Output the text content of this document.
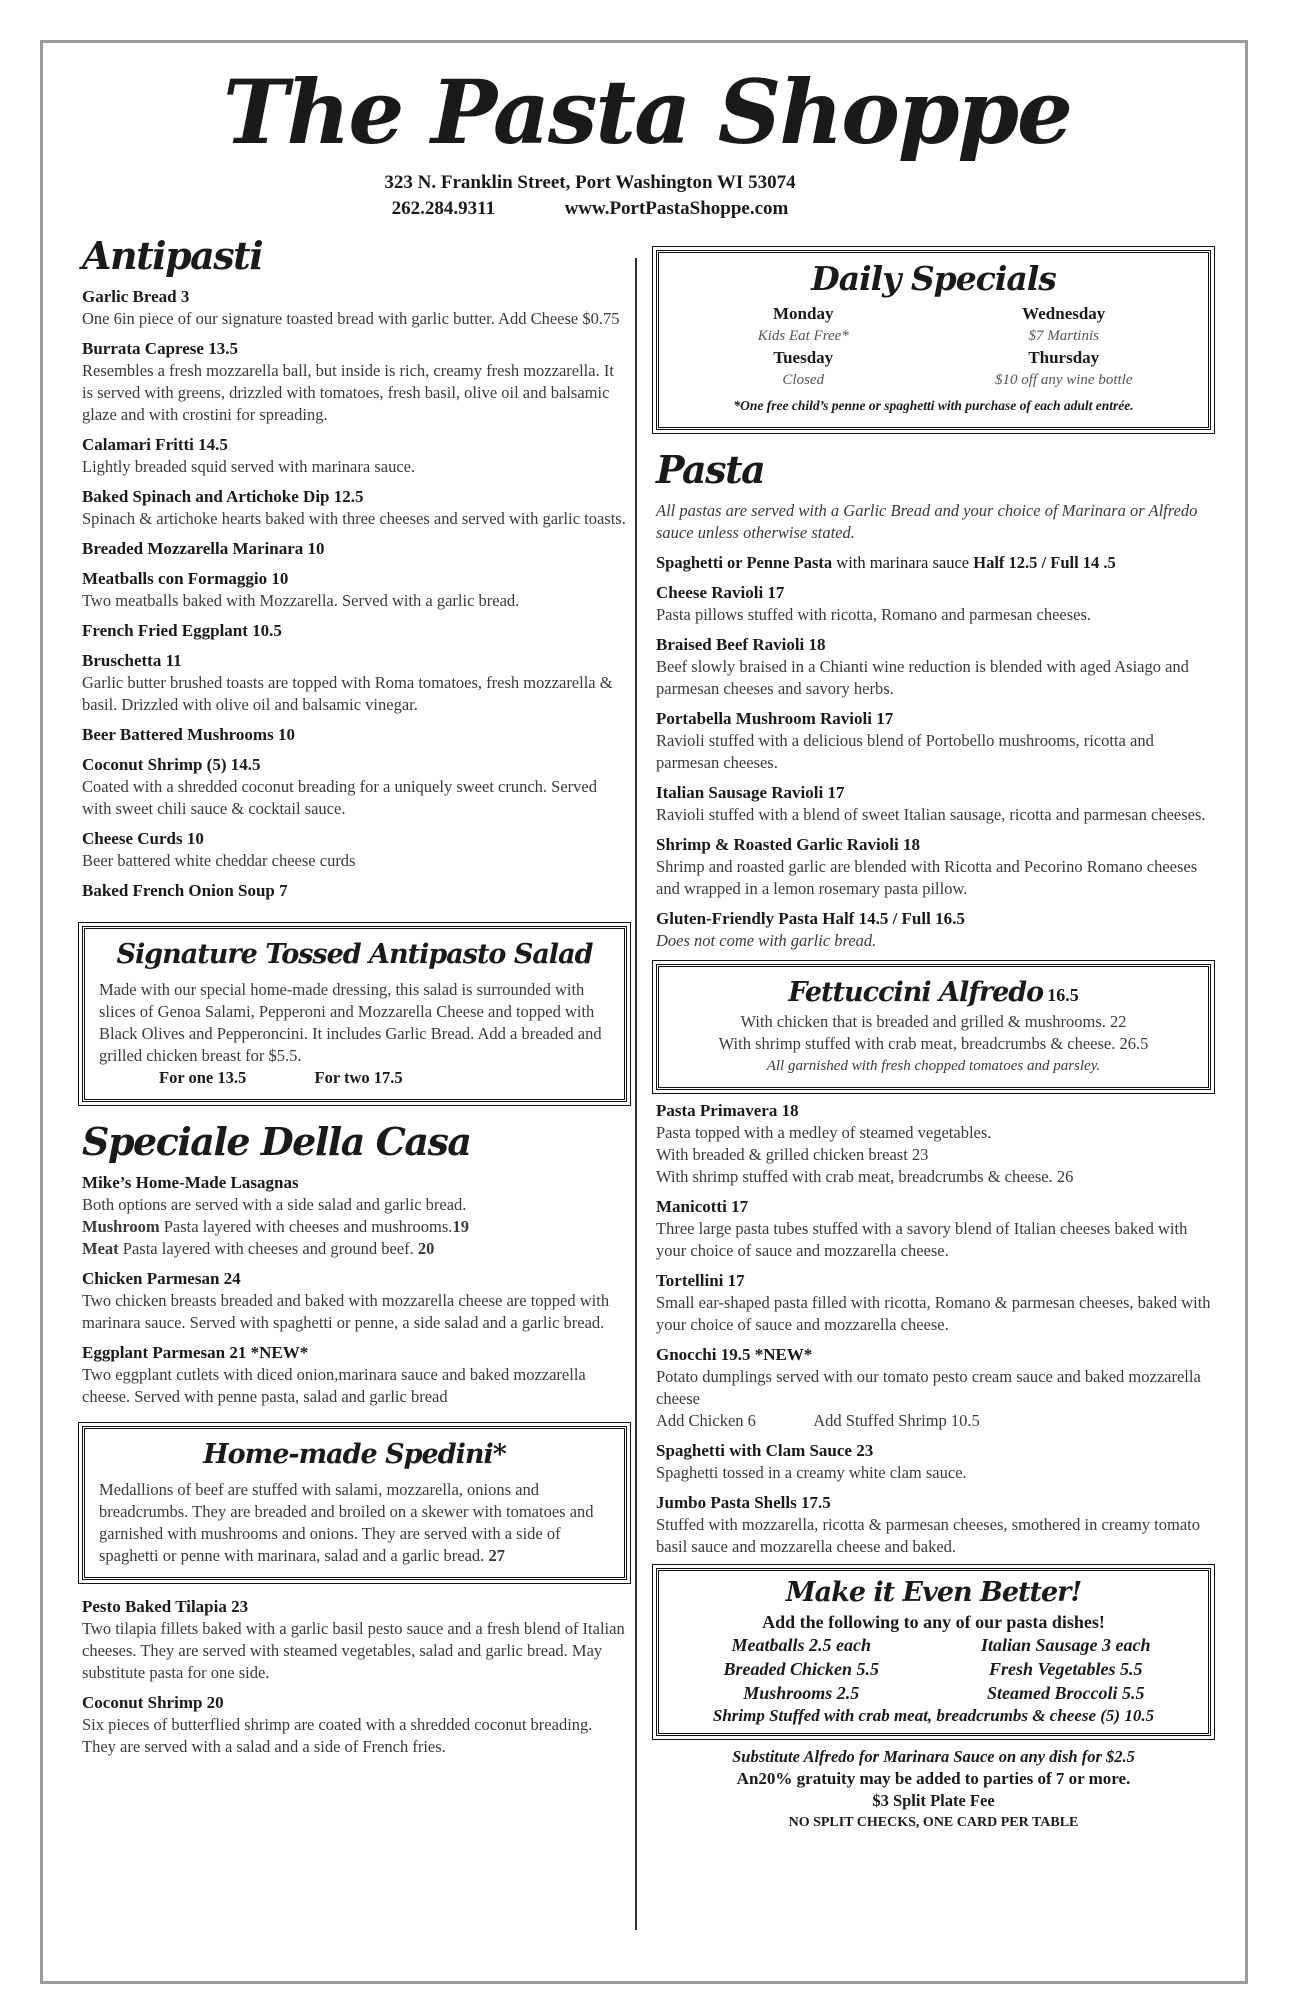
The Pasta Shoppe
323 N. Franklin Street, Port Washington WI 53074
262.284.9311	www.PortPastaShoppe.com
Antipasti
Garlic Bread 3
One 6in piece of our signature toasted bread with garlic butter. Add Cheese $0.75
Burrata Caprese 13.5
Resembles a fresh mozzarella ball, but inside is rich, creamy fresh mozzarella. It is served with greens, drizzled with tomatoes, fresh basil, olive oil and balsamic glaze and with crostini for spreading.
Calamari Fritti 14.5
Lightly breaded squid served with marinara sauce.
Baked Spinach and Artichoke Dip 12.5
Spinach & artichoke hearts baked with three cheeses and served with garlic toasts.
Breaded Mozzarella Marinara 10
Meatballs con Formaggio 10
Two meatballs baked with Mozzarella. Served with a garlic bread.
French Fried Eggplant 10.5
Bruschetta 11
Garlic butter brushed toasts are topped with Roma tomatoes, fresh mozzarella & basil. Drizzled with olive oil and balsamic vinegar.
Beer Battered Mushrooms 10
Coconut Shrimp (5) 14.5
Coated with a shredded coconut breading for a uniquely sweet crunch. Served with sweet chili sauce & cocktail sauce.
Cheese Curds 10
Beer battered white cheddar cheese curds
Baked French Onion Soup 7
Signature Tossed Antipasto Salad
Made with our special home-made dressing, this salad is surrounded with slices of Genoa Salami, Pepperoni and Mozzarella Cheese and topped with Black Olives and Pepperoncini. It includes Garlic Bread. Add a breaded and grilled chicken breast for $5.5.
For one 13.5	For two 17.5
Speciale Della Casa
Mike’s Home-Made Lasagnas
Both options are served with a side salad and garlic bread.
Mushroom Pasta layered with cheeses and mushrooms.19
Meat Pasta layered with cheeses and ground beef. 20
Chicken Parmesan 24
Two chicken breasts breaded and baked with mozzarella cheese are topped with marinara sauce. Served with spaghetti or penne, a side salad and a garlic bread.
Eggplant Parmesan 21 *NEW*
Two eggplant cutlets with diced onion,marinara sauce and baked mozzarella cheese. Served with penne pasta, salad and garlic bread
Home-made Spedini*
Medallions of beef are stuffed with salami, mozzarella, onions and breadcrumbs. They are breaded and broiled on a skewer with tomatoes and garnished with mushrooms and onions. They are served with a side of spaghetti or penne with marinara, salad and a garlic bread. 27
Pesto Baked Tilapia 23
Two tilapia fillets baked with a garlic basil pesto sauce and a fresh blend of Italian cheeses. They are served with steamed vegetables, salad and garlic bread. May substitute pasta for one side.
Coconut Shrimp 20
Six pieces of butterflied shrimp are coated with a shredded coconut breading. They are served with a salad and a side of French fries.
Daily Specials
Monday
Kids Eat Free*
Wednesday
$7 Martinis
Tuesday
Closed
Thursday
$10 off any wine bottle
*One free child’s penne or spaghetti with purchase of each adult entrée.
Pasta
All pastas are served with a Garlic Bread and your choice of Marinara or Alfredo sauce unless otherwise stated.
Spaghetti or Penne Pasta with marinara sauce Half 12.5 / Full 14 .5
Cheese Ravioli 17
Pasta pillows stuffed with ricotta, Romano and parmesan cheeses.
Braised Beef Ravioli 18
Beef slowly braised in a Chianti wine reduction is blended with aged Asiago and parmesan cheeses and savory herbs.
Portabella Mushroom Ravioli 17
Ravioli stuffed with a delicious blend of Portobello mushrooms, ricotta and parmesan cheeses.
Italian Sausage Ravioli 17
Ravioli stuffed with a blend of sweet Italian sausage, ricotta and parmesan cheeses.
Shrimp & Roasted Garlic Ravioli 18
Shrimp and roasted garlic are blended with Ricotta and Pecorino Romano cheeses and wrapped in a lemon rosemary pasta pillow.
Gluten-Friendly Pasta Half 14.5 / Full 16.5
Does not come with garlic bread.
Fettuccini Alfredo 16.5
With chicken that is breaded and grilled & mushrooms. 22
With shrimp stuffed with crab meat, breadcrumbs & cheese. 26.5
All garnished with fresh chopped tomatoes and parsley.
Pasta Primavera 18
Pasta topped with a medley of steamed vegetables.
With breaded & grilled chicken breast 23
With shrimp stuffed with crab meat, breadcrumbs & cheese. 26
Manicotti 17
Three large pasta tubes stuffed with a savory blend of Italian cheeses baked with your choice of sauce and mozzarella cheese.
Tortellini 17
Small ear-shaped pasta filled with ricotta, Romano & parmesan cheeses, baked with your choice of sauce and mozzarella cheese.
Gnocchi 19.5 *NEW*
Potato dumplings served with our tomato pesto cream sauce and baked mozzarella cheese
Add Chicken 6	Add Stuffed Shrimp 10.5
Spaghetti with Clam Sauce 23
Spaghetti tossed in a creamy white clam sauce.
Jumbo Pasta Shells 17.5
Stuffed with mozzarella, ricotta & parmesan cheeses, smothered in creamy tomato basil sauce and mozzarella cheese and baked.
Make it Even Better!
Add the following to any of our pasta dishes!
Meatballs 2.5 each	Italian Sausage 3 each
Breaded Chicken 5.5	Fresh Vegetables 5.5
Mushrooms 2.5	Steamed Broccoli 5.5
Shrimp Stuffed with crab meat, breadcrumbs & cheese (5) 10.5
Substitute Alfredo for Marinara Sauce on any dish for $2.5
An20% gratuity may be added to parties of 7 or more.
$3 Split Plate Fee
NO SPLIT CHECKS, ONE CARD PER TABLE
